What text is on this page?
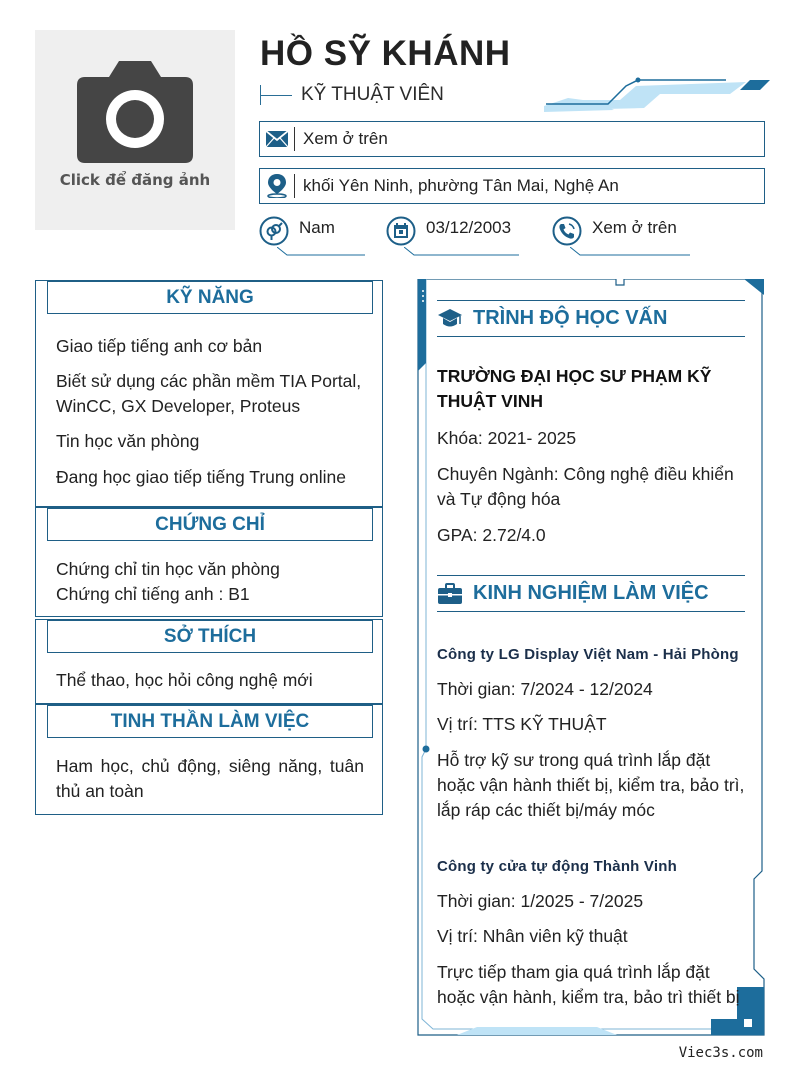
Click để đăng ảnh
HỒ SỸ KHÁNH
KỸ THUẬT VIÊN
Xem ở trên
khối Yên Ninh, phường Tân Mai, Nghệ An
Nam	03/12/2003	Xem ở trên
KỸ NĂNG

Giao tiếp tiếng anh cơ bản

Biết sử dụng các phần mềm TIA Portal, WinCC, GX Developer, Proteus

Tin học văn phòng

Đang học giao tiếp tiếng Trung online

CHỨNG CHỈ

Chứng chỉ tin học văn phòng

Chứng chỉ tiếng anh : B1

SỞ THÍCH

Thể thao, học hỏi công nghệ mới

TINH THẦN LÀM VIỆC

Ham học, chủ động, siêng năng, tuân thủ an toàn

TRÌNH ĐỘ HỌC VẤN
TRƯỜNG ĐẠI HỌC SƯ PHẠM KỸ THUẬT VINH
Khóa: 2021- 2025
Chuyên Ngành: Công nghệ điều khiển và Tự động hóa
GPA: 2.72/4.0
KINH NGHIỆM LÀM VIỆC
Công ty LG Display Việt Nam - Hải Phòng
Thời gian: 7/2024 - 12/2024
Vị trí: TTS KỸ THUẬT
Hỗ trợ kỹ sư trong quá trình lắp đặt hoặc vận hành thiết bị, kiểm tra, bảo trì, lắp ráp các thiết bị/máy móc
Công ty cửa tự động Thành Vinh
Thời gian: 1/2025 - 7/2025
Vị trí: Nhân viên kỹ thuật
Trực tiếp tham gia quá trình lắp đặt hoặc vận hành, kiểm tra, bảo trì thiết bị
Viec3s.com
